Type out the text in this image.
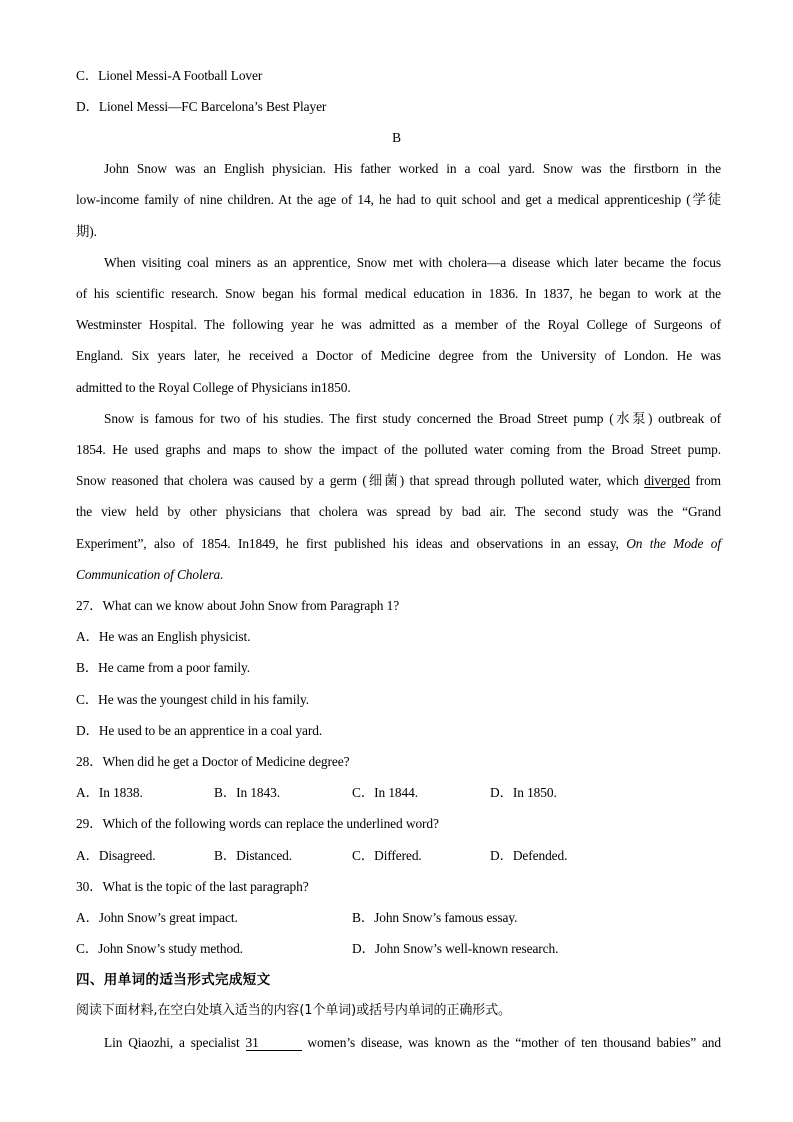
C．Lionel Messi-A Football Lover
D．Lionel Messi—FC Barcelona’s Best Player
B
John Snow was an English physician. His father worked in a coal yard. Snow was the firstborn in the
low-income family of nine children. At the age of 14, he had to quit school and get a medical apprenticeship (学徒
期).
When visiting coal miners as an apprentice, Snow met with cholera—a disease which later became the focus
of his scientific research. Snow began his formal medical education in 1836. In 1837, he began to work at the
Westminster Hospital. The following year he was admitted as a member of the Royal College of Surgeons of
England. Six years later, he received a Doctor of Medicine degree from the University of London. He was
admitted to the Royal College of Physicians in1850.
Snow is famous for two of his studies. The first study concerned the Broad Street pump (水泵) outbreak of
1854. He used graphs and maps to show the impact of the polluted water coming from the Broad Street pump.
Snow reasoned that cholera was caused by a germ (细菌) that spread through polluted water, which diverged from
the view held by other physicians that cholera was spread by bad air. The second study was the “Grand
Experiment”, also of 1854. In1849, he first published his ideas and observations in an essay, On the Mode of
Communication of Cholera.
27．What can we know about John Snow from Paragraph 1?
A．He was an English physicist.
B．He came from a poor family.
C．He was the youngest child in his family.
D．He used to be an apprentice in a coal yard.
28．When did he get a Doctor of Medicine degree?
A．In 1838.	B．In 1843.	C．In 1844.	D．In 1850.
29．Which of the following words can replace the underlined word?
A．Disagreed.	B．Distanced.	C．Differed.	D．Defended.
30．What is the topic of the last paragraph?
A．John Snow’s great impact.	B．John Snow’s famous essay.
C．John Snow’s study method.	D．John Snow’s well-known research.
四、用单词的适当形式完成短文
阅读下面材料,在空白处填入适当的内容(1个单词)或括号内单词的正确形式。
Lin Qiaozhi, a specialist 31	women’s disease, was known as the “mother of ten thousand babies” and
